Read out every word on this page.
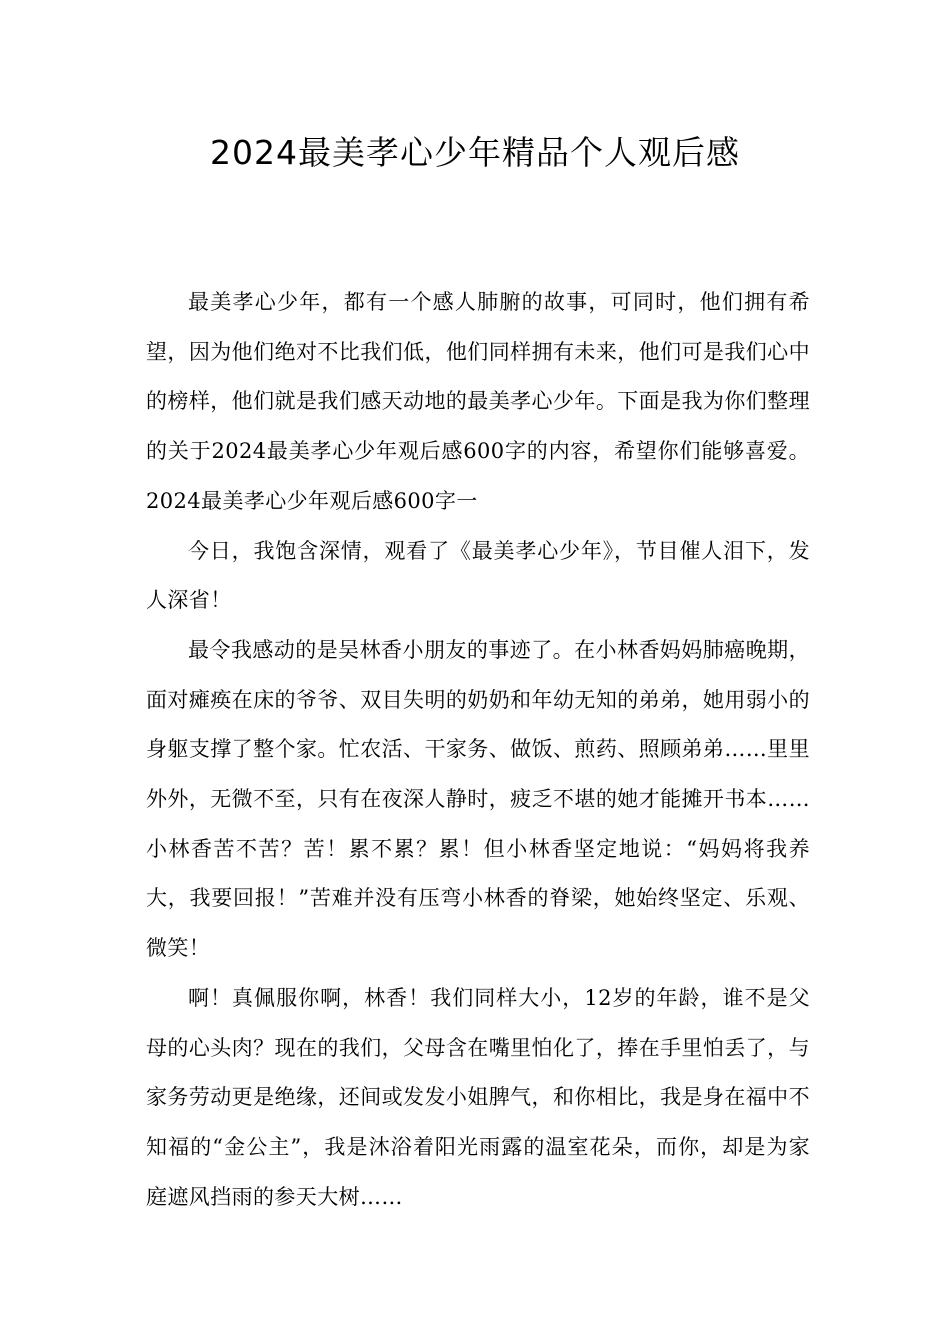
2024最美孝心少年精品个人观后感

最美孝心少年，都有一个感人肺腑的故事，可同时，他们拥有希望，因为他们绝对不比我们低，他们同样拥有未来，他们可是我们心中的榜样，他们就是我们感天动地的最美孝心少年。下面是我为你们整理的关于2024最美孝心少年观后感600字的内容，希望你们能够喜爱。2024最美孝心少年观后感600字一

今日，我饱含深情，观看了《最美孝心少年》，节目催人泪下，发人深省！

最令我感动的是吴林香小朋友的事迹了。在小林香妈妈肺癌晚期，面对瘫痪在床的爷爷、双目失明的奶奶和年幼无知的弟弟，她用弱小的身躯支撑了整个家。忙农活、干家务、做饭、煎药、照顾弟弟……里里外外，无微不至，只有在夜深人静时，疲乏不堪的她才能摊开书本……小林香苦不苦？苦！累不累？累！但小林香坚定地说：“妈妈将我养大，我要回报！”苦难并没有压弯小林香的脊梁，她始终坚定、乐观、微笑！

啊！真佩服你啊，林香！我们同样大小，12岁的年龄，谁不是父母的心头肉？现在的我们，父母含在嘴里怕化了，捧在手里怕丢了，与家务劳动更是绝缘，还间或发发小姐脾气，和你相比，我是身在福中不知福的“金公主”，我是沐浴着阳光雨露的温室花朵，而你，却是为家庭遮风挡雨的参天大树……
